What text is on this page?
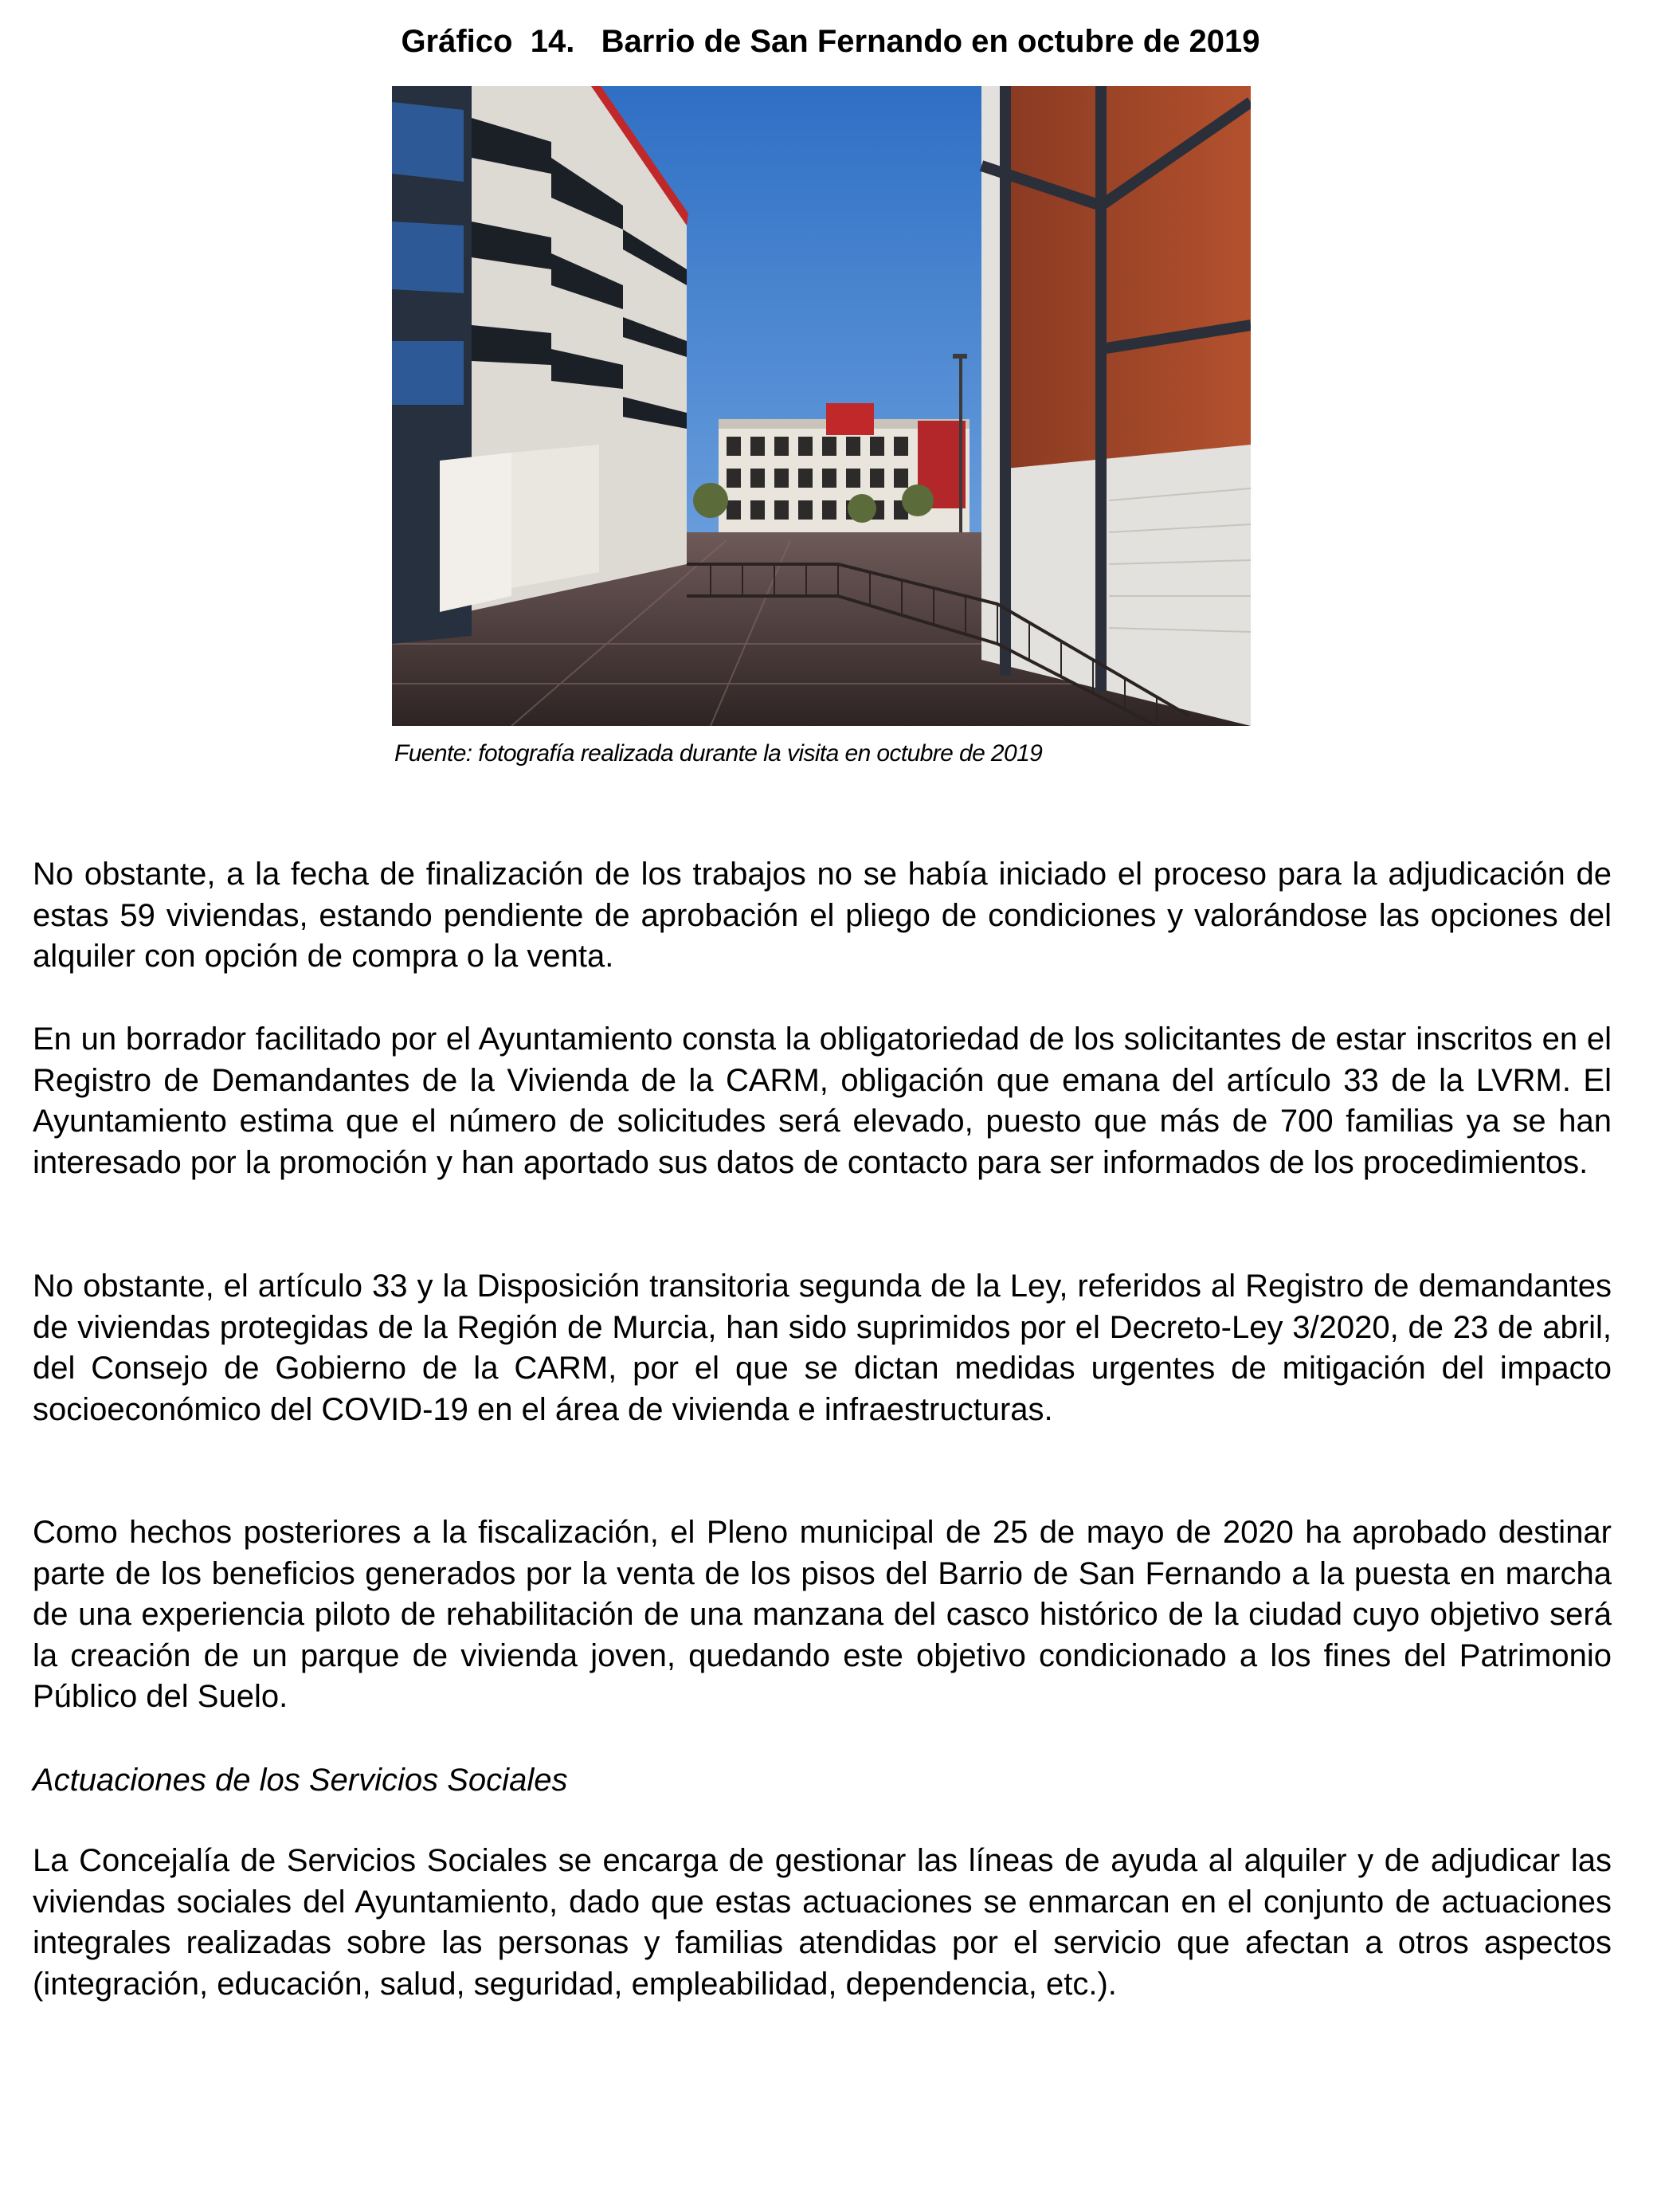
Gráfico  14.   Barrio de San Fernando en octubre de 2019
Fuente: fotografía realizada durante la visita en octubre de 2019

No obstante, a la fecha de finalización de los trabajos no se había iniciado el proceso para la adjudicación de estas 59 viviendas, estando pendiente de aprobación el pliego de condiciones y valorándose las opciones del alquiler con opción de compra o la venta.

En un borrador facilitado por el Ayuntamiento consta la obligatoriedad de los solicitantes de estar inscritos en el Registro de Demandantes de la Vivienda de la CARM, obligación que emana del artículo 33 de la LVRM. El Ayuntamiento estima que el número de solicitudes será elevado, puesto que más de 700 familias ya se han interesado por la promoción y han aportado sus datos de contacto para ser informados de los procedimientos.

No obstante, el artículo 33 y la Disposición transitoria segunda de la Ley, referidos al Registro de demandantes de viviendas protegidas de la Región de Murcia, han sido suprimidos por el Decreto-Ley 3/2020, de 23 de abril, del Consejo de Gobierno de la CARM, por el que se dictan medidas urgentes de mitigación del impacto socioeconómico del COVID-19 en el área de vivienda e infraestructuras.

Como hechos posteriores a la fiscalización, el Pleno municipal de 25 de mayo de 2020 ha aprobado destinar parte de los beneficios generados por la venta de los pisos del Barrio de San Fernando a la puesta en marcha de una experiencia piloto de rehabilitación de una manzana del casco histórico de la ciudad cuyo objetivo será la creación de un parque de vivienda joven, quedando este objetivo condicionado a los fines del Patrimonio Público del Suelo.

Actuaciones de los Servicios Sociales

La Concejalía de Servicios Sociales se encarga de gestionar las líneas de ayuda al alquiler y de adjudicar las viviendas sociales del Ayuntamiento, dado que estas actuaciones se enmarcan en el conjunto de actuaciones integrales realizadas sobre las personas y familias atendidas por el servicio que afectan a otros aspectos (integración, educación, salud, seguridad, empleabilidad, dependencia, etc.).
